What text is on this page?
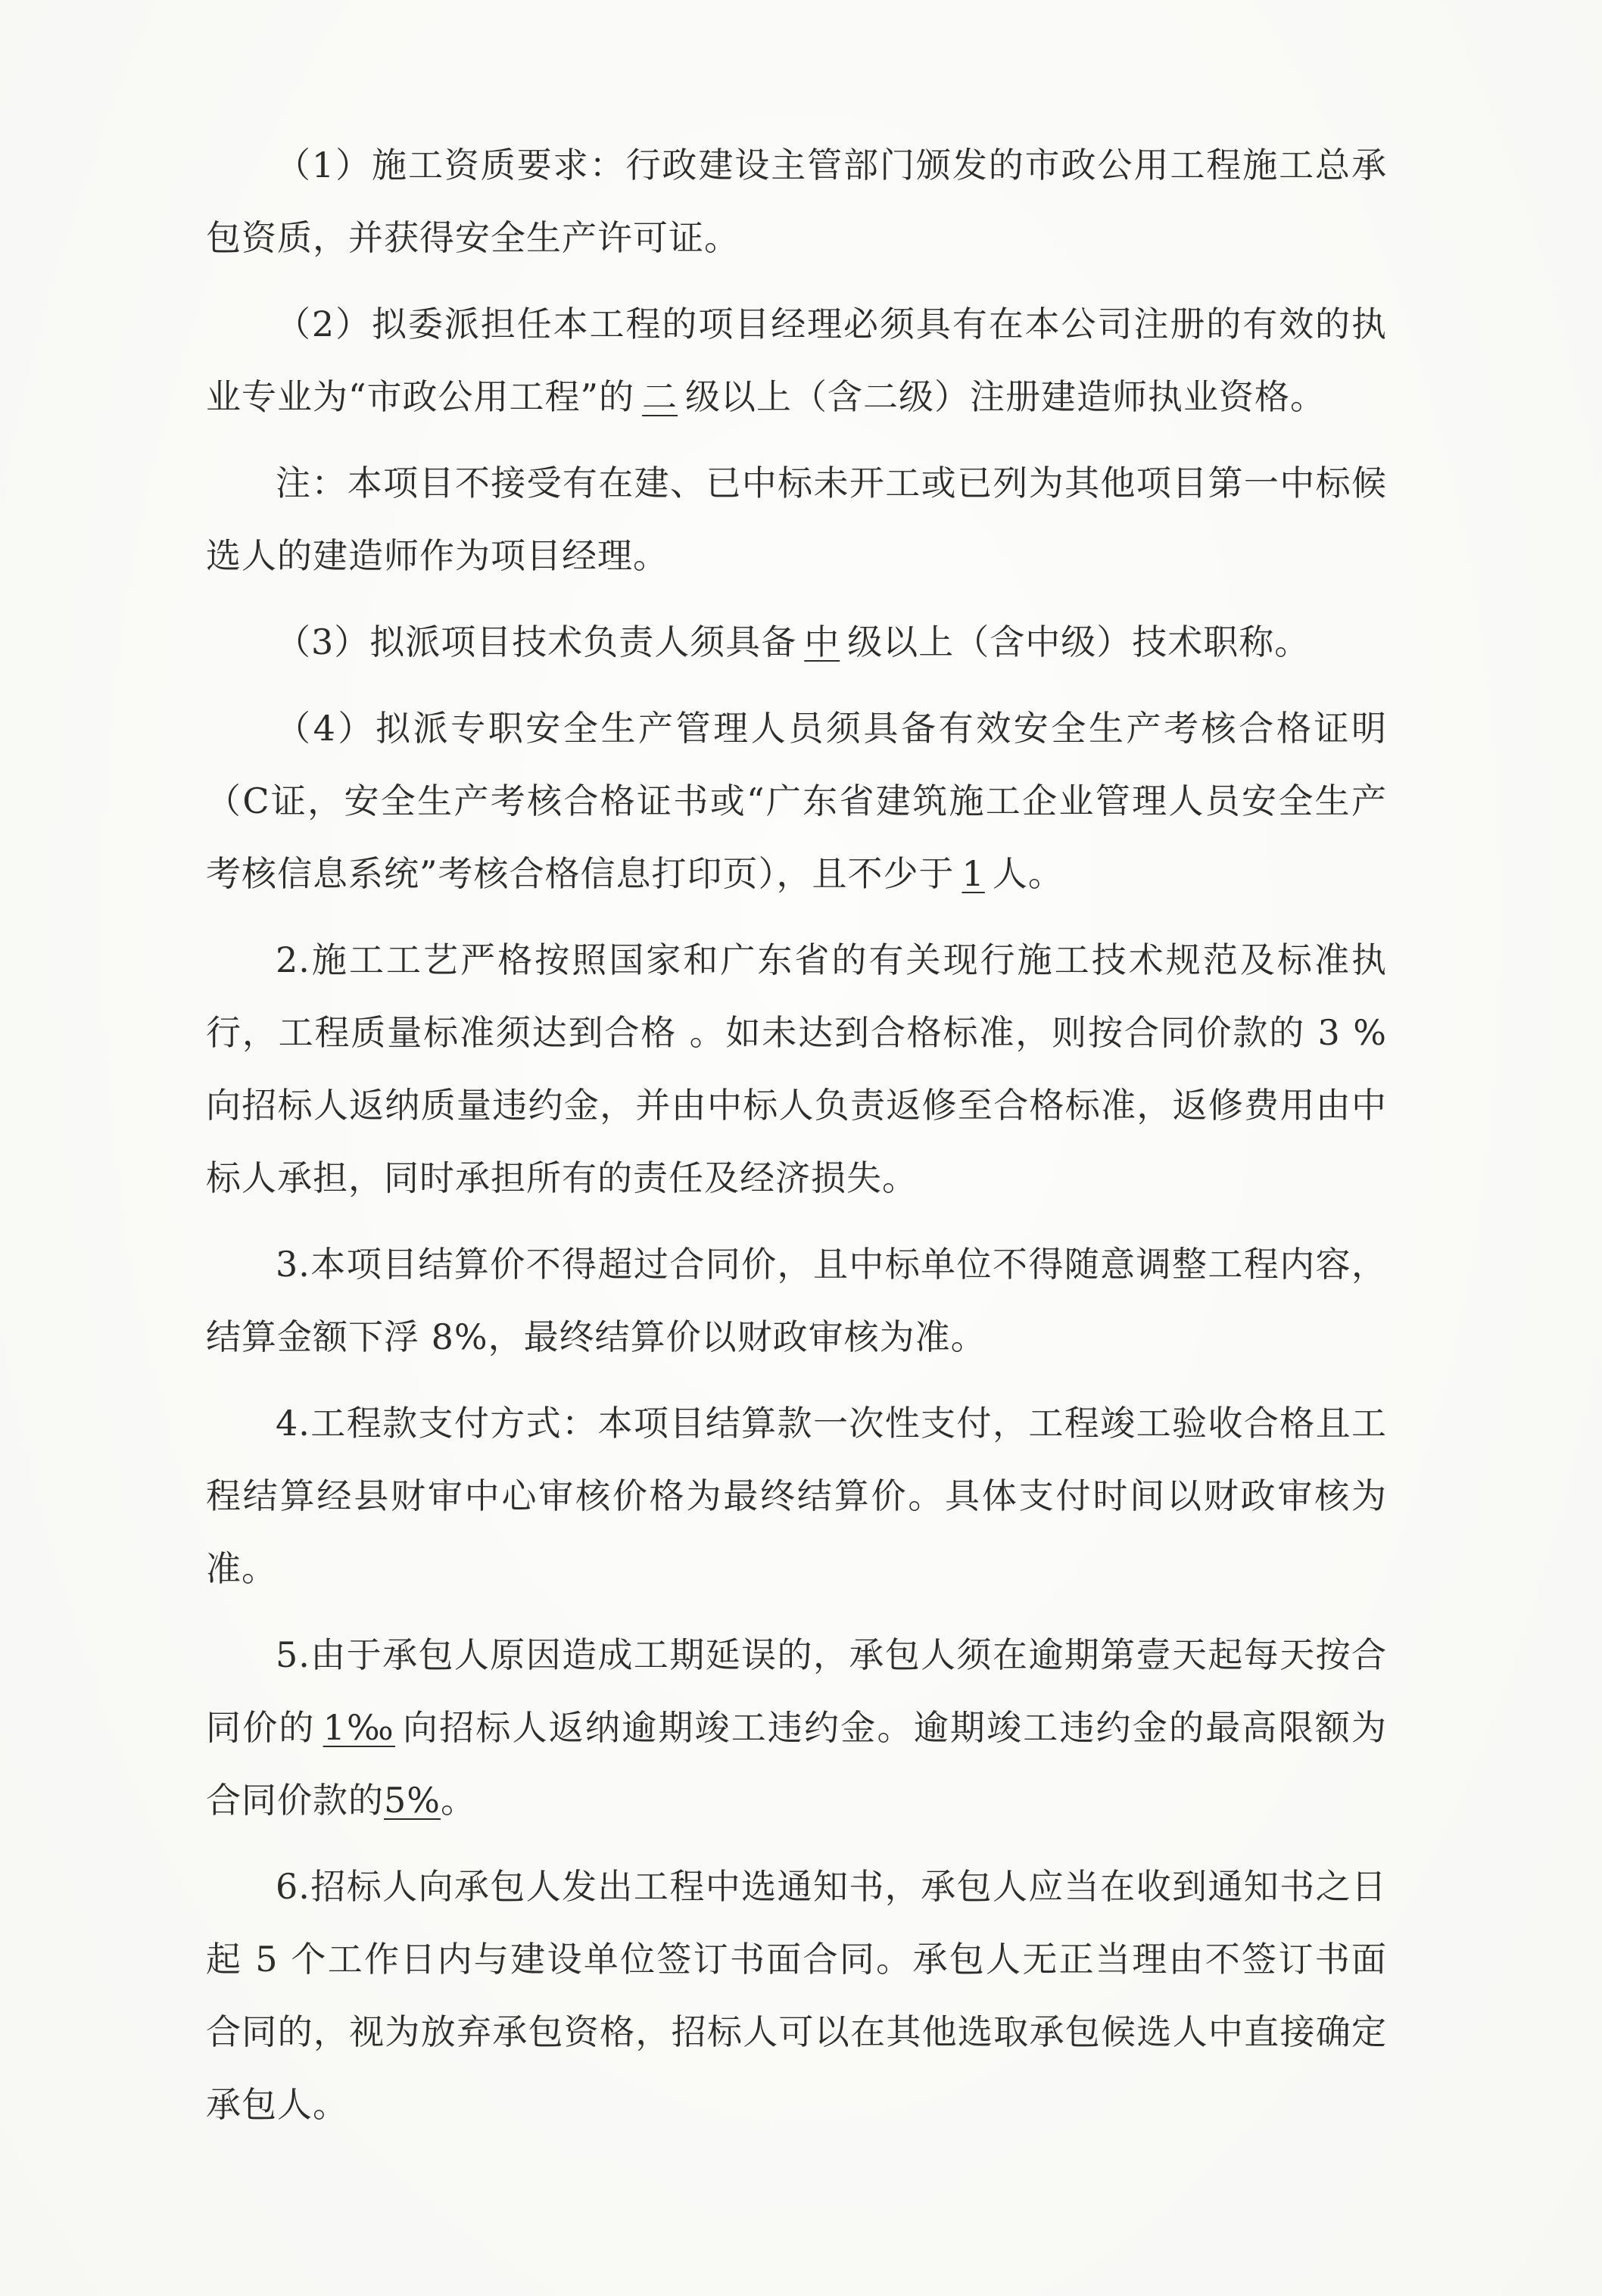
（1）施工资质要求：行政建设主管部门颁发的市政公用工程施工总承包资质，并获得安全生产许可证。

（2）拟委派担任本工程的项目经理必须具有在本公司注册的有效的执业专业为“市政公用工程”的 二 级以上（含二级）注册建造师执业资格。

注：本项目不接受有在建、已中标未开工或已列为其他项目第一中标候选人的建造师作为项目经理。

（3）拟派项目技术负责人须具备 中 级以上（含中级）技术职称。

（4）拟派专职安全生产管理人员须具备有效安全生产考核合格证明（C证，安全生产考核合格证书或“广东省建筑施工企业管理人员安全生产考核信息系统”考核合格信息打印页），且不少于 1 人。

2.施工工艺严格按照国家和广东省的有关现行施工技术规范及标准执行，工程质量标准须达到合格 。如未达到合格标准，则按合同价款的 3 %向招标人返纳质量违约金，并由中标人负责返修至合格标准，返修费用由中标人承担，同时承担所有的责任及经济损失。

3.本项目结算价不得超过合同价，且中标单位不得随意调整工程内容，结算金额下浮 8%，最终结算价以财政审核为准。

4.工程款支付方式：本项目结算款一次性支付，工程竣工验收合格且工程结算经县财审中心审核价格为最终结算价。具体支付时间以财政审核为准。

5.由于承包人原因造成工期延误的，承包人须在逾期第壹天起每天按合同价的 1‰ 向招标人返纳逾期竣工违约金。逾期竣工违约金的最高限额为合同价款的5%。

6.招标人向承包人发出工程中选通知书，承包人应当在收到通知书之日起 5 个工作日内与建设单位签订书面合同。承包人无正当理由不签订书面合同的，视为放弃承包资格，招标人可以在其他选取承包候选人中直接确定承包人。
